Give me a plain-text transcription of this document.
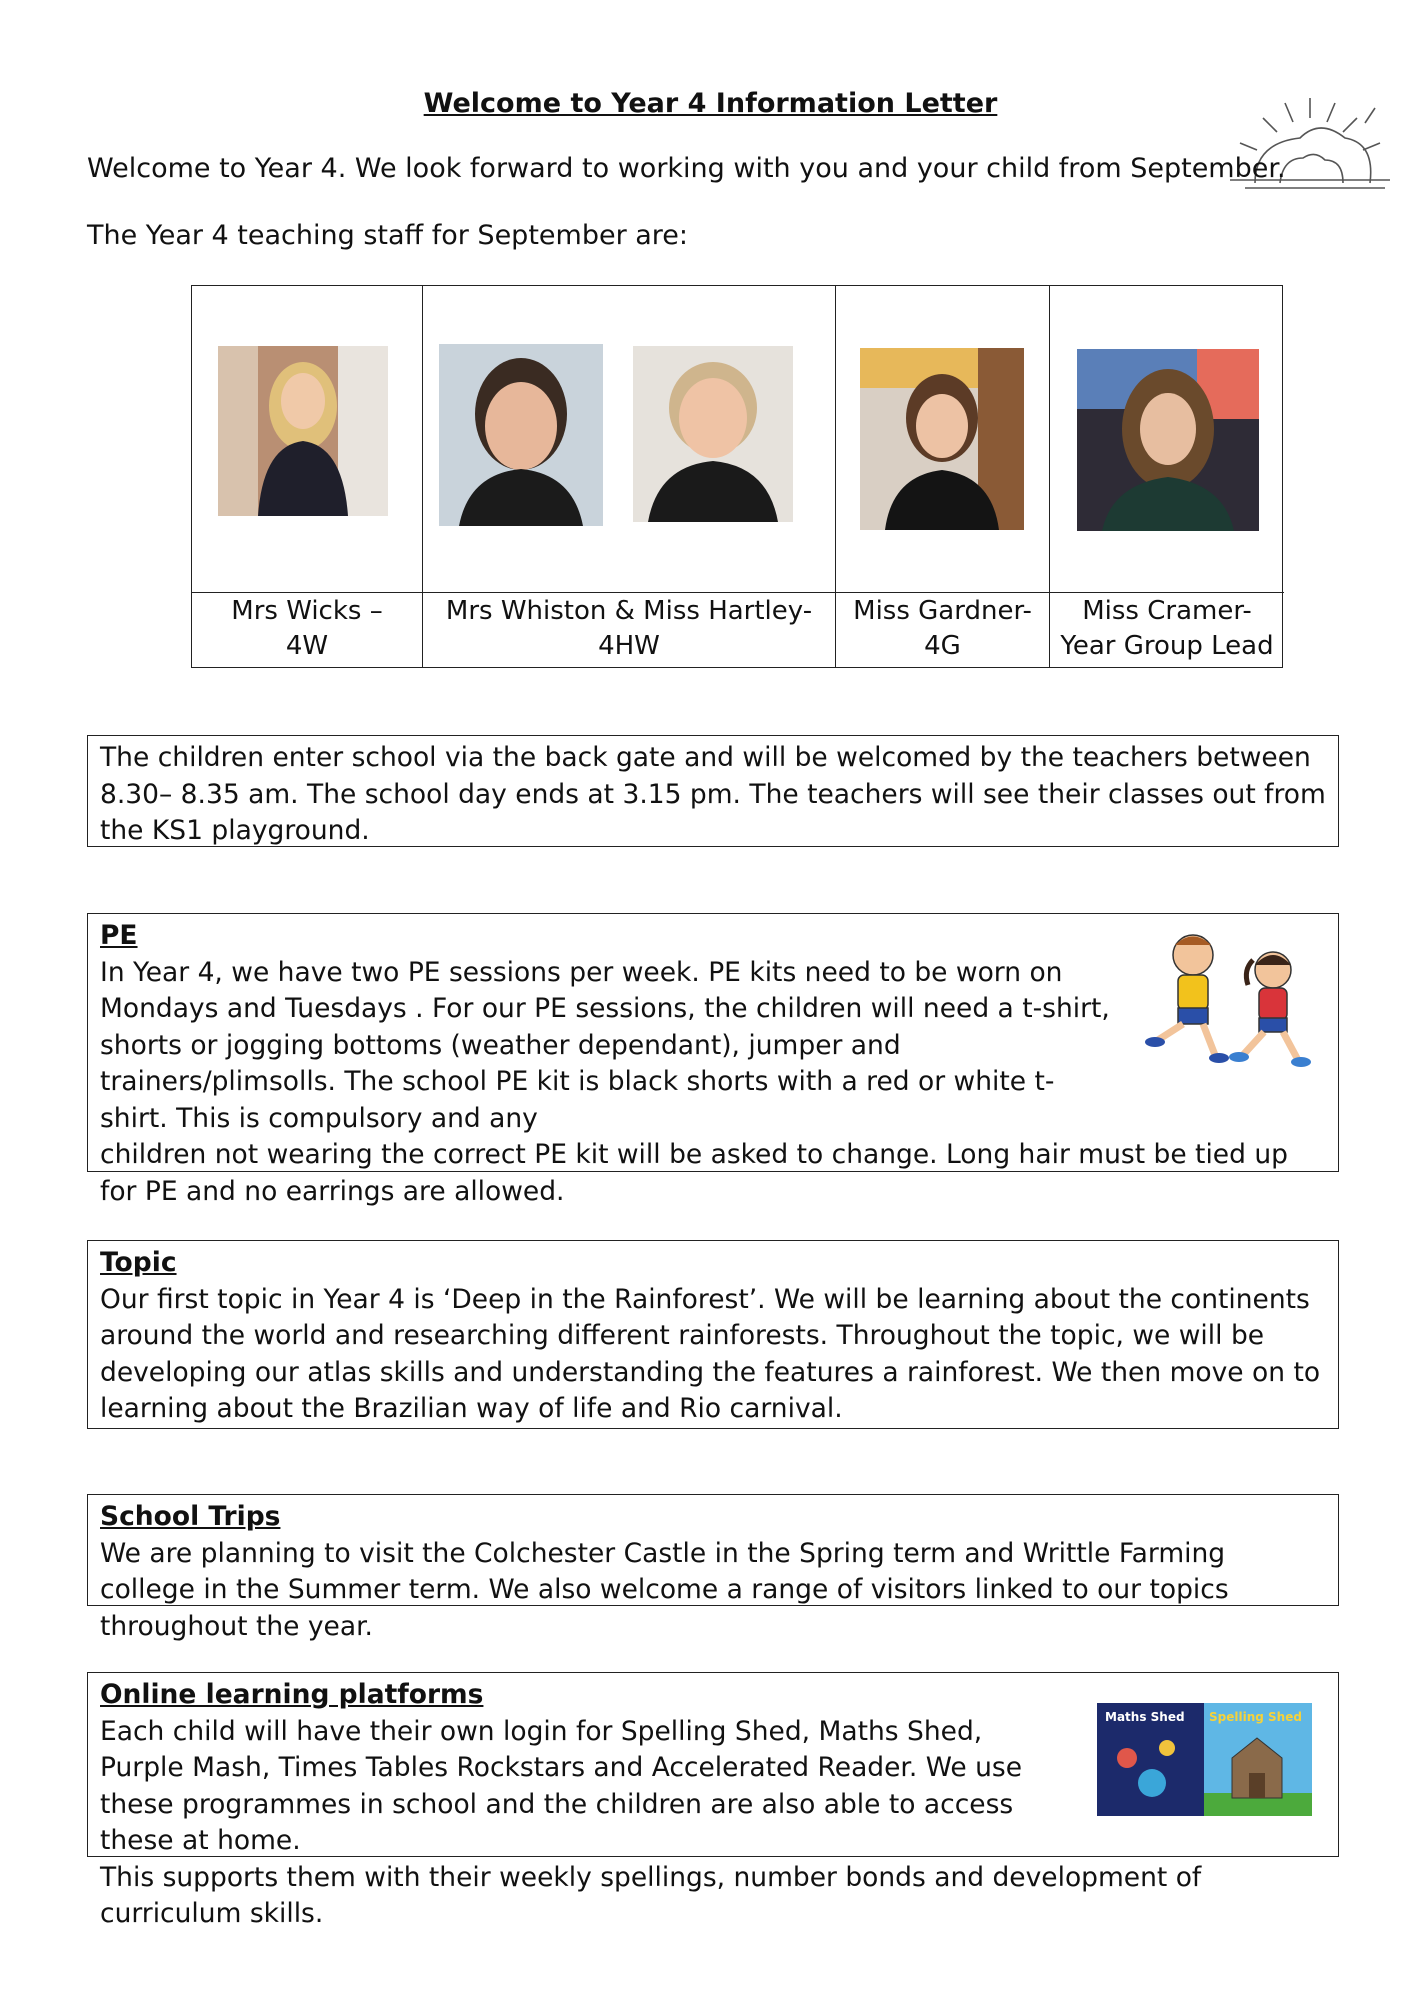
Welcome to Year 4 Information Letter
Welcome to Year 4. We look forward to working with you and your child from September.
The Year 4 teaching staff for September are:
Mrs Wicks –
4W
Mrs Whiston & Miss Hartley-
4HW
Miss Gardner-
4G
Miss Cramer-
Year Group Lead

The children enter school via the back gate and will be welcomed by the teachers between 8.30– 8.35 am. The school day ends at 3.15 pm. The teachers will see their classes out from the KS1 playground.

PE

In Year 4, we have two PE sessions per week. PE kits need to be worn on Mondays and Tuesdays . For our PE sessions, the children will need a t-shirt, shorts or jogging bottoms (weather dependant), jumper and trainers/plimsolls. The school PE kit is black shorts with a red or white t-shirt. This is compulsory and any

children not wearing the correct PE kit will be asked to change. Long hair must be tied up for PE and no earrings are allowed.

Topic

Our first topic in Year 4 is ‘Deep in the Rainforest’. We will be learning about the continents around the world and researching different rainforests. Throughout the topic, we will be developing our atlas skills and understanding the features a rainforest. We then move on to learning about the Brazilian way of life and Rio carnival.

School Trips

We are planning to visit the Colchester Castle in the Spring term and Writtle Farming college in the Summer term. We also welcome a range of visitors linked to our topics throughout the year.

Online learning platforms

Each child will have their own login for Spelling Shed, Maths Shed, Purple Mash, Times Tables Rockstars and Accelerated Reader. We use these programmes in school and the children are also able to access these at home.

This supports them with their weekly spellings, number bonds and development of curriculum skills.

Maths Shed Spelling Shed
